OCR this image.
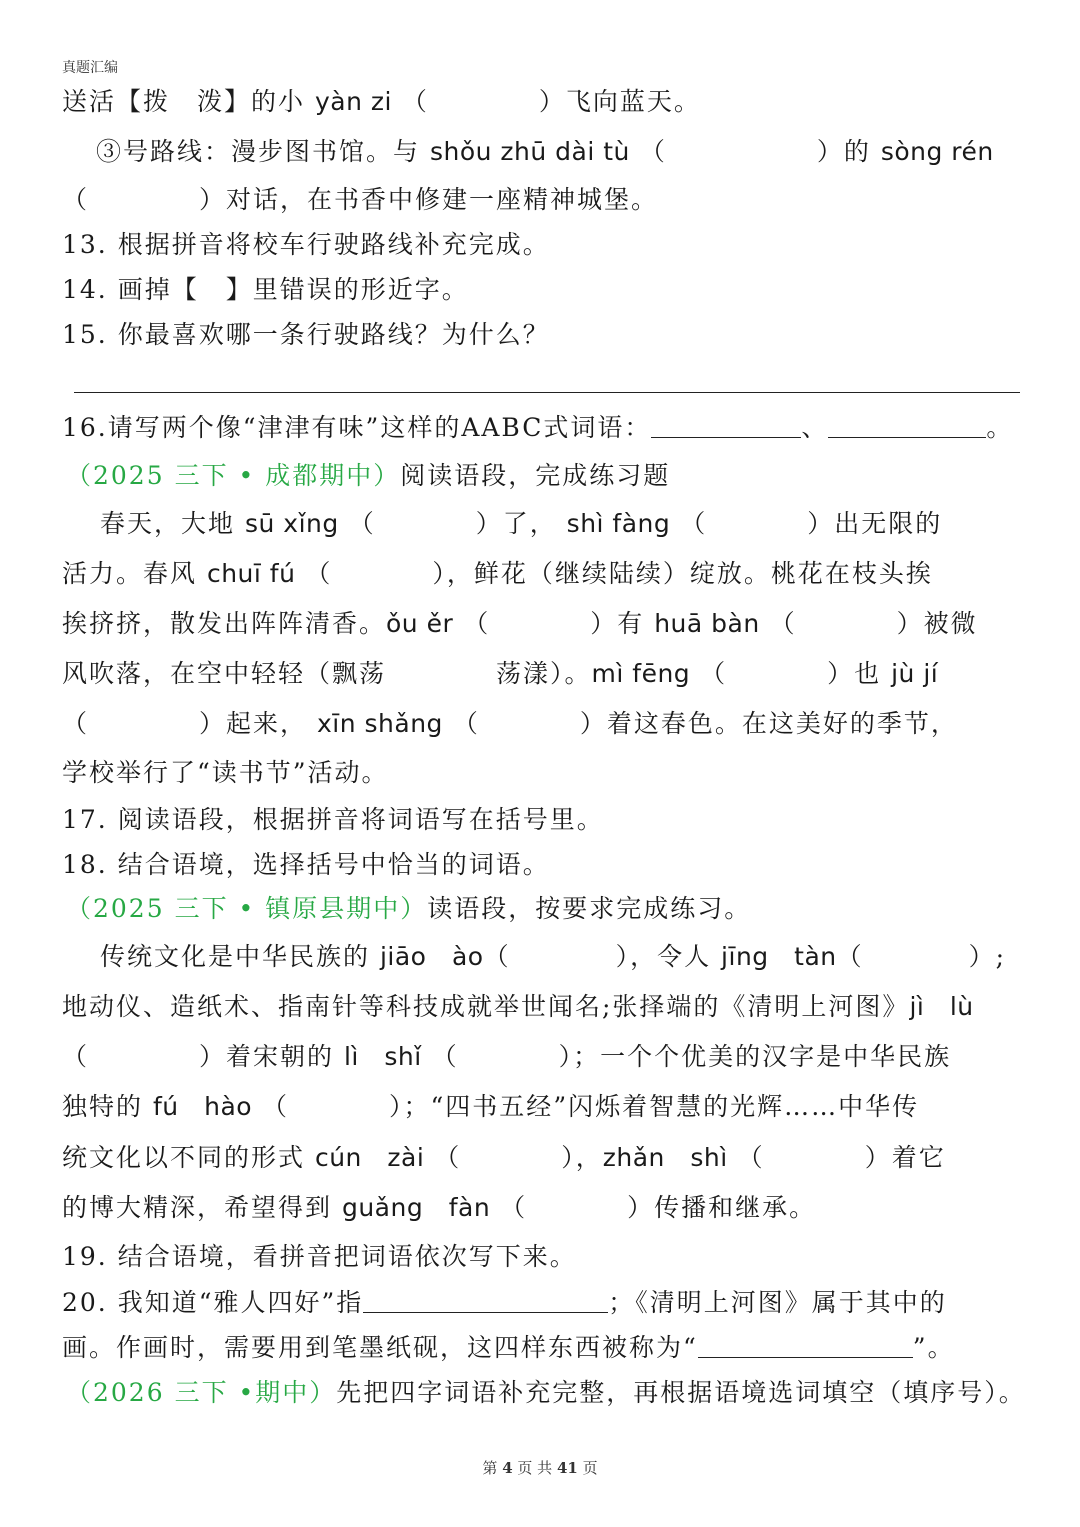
真题汇编
送活【拨　泼】的小 yàn zi （	）飞向蓝天。
③号路线：漫步图书馆。与 shǒu zhū dài tù （	）的 sòng rén
（	）对话，在书香中修建一座精神城堡。
13. 根据拼音将校车行驶路线补充完成。
14. 画掉【　】里错误的形近字。
15. 你最喜欢哪一条行驶路线？为什么？
16.请写两个像“津津有味”这样的AABC式词语：	、	。
（2025 三下 • 成都期中）阅读语段，完成练习题
春天，大地 sū xǐng （	）了， shì fàng （	）出无限的
活力。春风 chuī fú （	），鲜花（继续陆续）绽放。桃花在枝头挨
挨挤挤，散发出阵阵清香。ǒu ěr （	）有 huā bàn （	）被微
风吹落，在空中轻轻（飘荡	荡漾）。mì fēng （	）也 jù jí
（	）起来， xīn shǎng （	）着这春色。在这美好的季节，
学校举行了“读书节”活动。
17. 阅读语段，根据拼音将词语写在括号里。
18. 结合语境，选择括号中恰当的词语。
（2025 三下 • 镇原县期中）读语段，按要求完成练习。
传统文化是中华民族的 jiāo　ào（	），令人 jīng　tàn（	）;
地动仪、造纸术、指南针等科技成就举世闻名;张择端的《清明上河图》jì　lù
（	）着宋朝的 lì　shǐ （	）；一个个优美的汉字是中华民族
独特的 fú　hào （	）；“四书五经”闪烁着智慧的光辉……中华传
统文化以不同的形式 cún　zài （	），zhǎn　shì （	）着它
的博大精深，希望得到 guǎng　fàn （	）传播和继承。
19. 结合语境，看拼音把词语依次写下来。
20. 我知道“雅人四好”指	；《清明上河图》属于其中的
画。作画时，需要用到笔墨纸砚，这四样东西被称为“	”。
（2026 三下 •期中）先把四字词语补充完整，再根据语境选词填空（填序号）。
第 4 页 共 41 页
